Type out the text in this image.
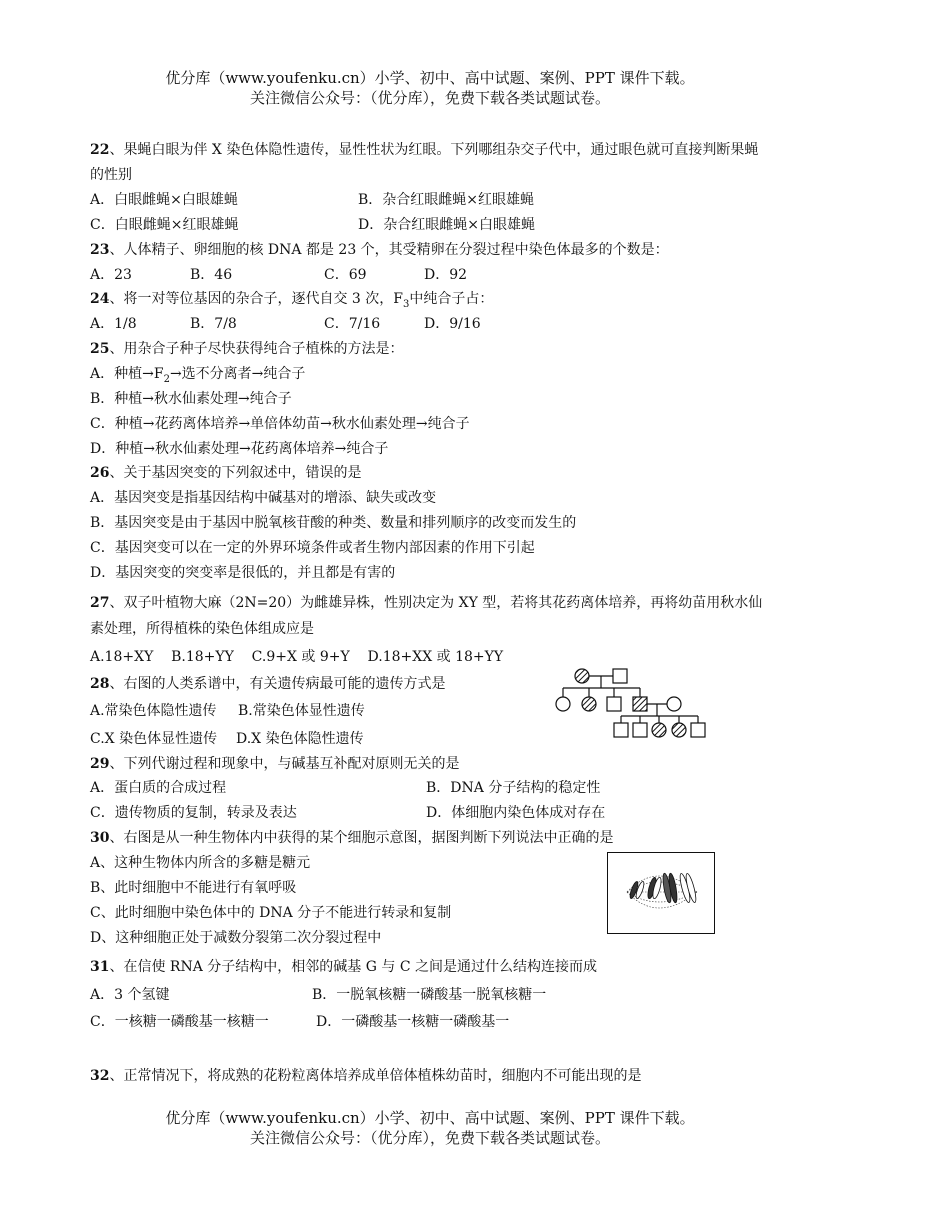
优分库（www.youfenku.cn）小学、初中、高中试题、案例、PPT 课件下载。
关注微信公众号：（优分库），免费下载各类试题试卷。
22、果蝇白眼为伴 X 染色体隐性遗传，显性性状为红眼。下列哪组杂交子代中，通过眼色就可直接判断果蝇
的性别
A．白眼雌蝇×白眼雄蝇	B．杂合红眼雌蝇×红眼雄蝇
C．白眼雌蝇×红眼雄蝇	D．杂合红眼雌蝇×白眼雄蝇
23、人体精子、卵细胞的核 DNA 都是 23 个，其受精卵在分裂过程中染色体最多的个数是：
A．23	B．46	C．69	D．92
24、将一对等位基因的杂合子，逐代自交 3 次，$F_3$中纯合子占：
A．1/8	B．7/8	C．7/16	D．9/16
25、用杂合子种子尽快获得纯合子植株的方法是：
A．种植$\to F_2\to$选不分离者→纯合子
B．种植→秋水仙素处理→纯合子
C．种植→花药离体培养→单倍体幼苗→秋水仙素处理→纯合子
D．种植→秋水仙素处理→花药离体培养→纯合子
26、关于基因突变的下列叙述中，错误的是
A．基因突变是指基因结构中碱基对的增添、缺失或改变
B．基因突变是由于基因中脱氧核苷酸的种类、数量和排列顺序的改变而发生的
C．基因突变可以在一定的外界环境条件或者生物内部因素的作用下引起
D．基因突变的突变率是很低的，并且都是有害的
27、双子叶植物大麻（2N=20）为雌雄异株，性别决定为 XY 型，若将其花药离体培养，再将幼苗用秋水仙
素处理，所得植株的染色体组成应是
A.18+XY    B.18+YY    C.9+X 或 9+Y    D.18+XX 或 18+YY
28、右图的人类系谱中，有关遗传病最可能的遗传方式是
A.常染色体隐性遗传 B.常染色体显性遗传
C.X 染色体显性遗传 D.X 染色体隐性遗传
29、下列代谢过程和现象中，与碱基互补配对原则无关的是
A．蛋白质的合成过程	B．DNA 分子结构的稳定性
C．遗传物质的复制，转录及表达	D．体细胞内染色体成对存在
30、右图是从一种生物体内中获得的某个细胞示意图，据图判断下列说法中正确的是
A、这种生物体内所含的多糖是糖元
B、此时细胞中不能进行有氧呼吸
C、此时细胞中染色体中的 DNA 分子不能进行转录和复制
D、这种细胞正处于减数分裂第二次分裂过程中
31、在信使 RNA 分子结构中，相邻的碱基 G 与 C 之间是通过什么结构连接而成
A．3 个氢键	B．一脱氧核糖一磷酸基一脱氧核糖一
C．一核糖一磷酸基一核糖一	D．一磷酸基一核糖一磷酸基一
32、正常情况下，将成熟的花粉粒离体培养成单倍体植株幼苗时，细胞内不可能出现的是
优分库（www.youfenku.cn）小学、初中、高中试题、案例、PPT 课件下载。
关注微信公众号：（优分库），免费下载各类试题试卷。
